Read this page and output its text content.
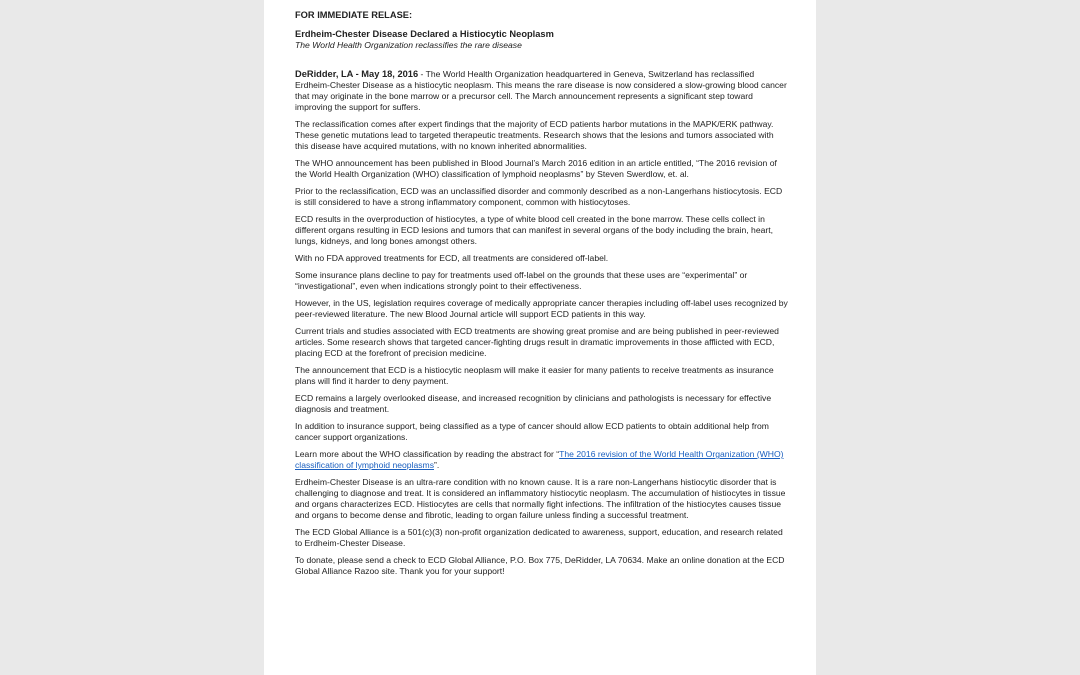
FOR IMMEDIATE RELASE:
Erdheim-Chester Disease Declared a Histiocytic Neoplasm
The World Health Organization reclassifies the rare disease

DeRidder, LA - May 18, 2016 - The World Health Organization headquartered in Geneva, Switzerland has reclassified Erdheim-Chester Disease as a histiocytic neoplasm. This means the rare disease is now considered a slow-growing blood cancer that may originate in the bone marrow or a precursor cell. The March announcement represents a significant step toward improving the support for suffers.

The reclassification comes after expert findings that the majority of ECD patients harbor mutations in the MAPK/ERK pathway. These genetic mutations lead to targeted therapeutic treatments. Research shows that the lesions and tumors associated with this disease have acquired mutations, with no known inherited abnormalities.

The WHO announcement has been published in Blood Journal’s March 2016 edition in an article entitled, “The 2016 revision of the World Health Organization (WHO) classification of lymphoid neoplasms” by Steven Swerdlow, et. al.

Prior to the reclassification, ECD was an unclassified disorder and commonly described as a non-Langerhans histiocytosis. ECD is still considered to have a strong inflammatory component, common with histiocytoses.

ECD results in the overproduction of histiocytes, a type of white blood cell created in the bone marrow. These cells collect in different organs resulting in ECD lesions and tumors that can manifest in several organs of the body including the brain, heart, lungs, kidneys, and long bones amongst others.

With no FDA approved treatments for ECD, all treatments are considered off-label.

Some insurance plans decline to pay for treatments used off-label on the grounds that these uses are “experimental” or “investigational”, even when indications strongly point to their effectiveness.

However, in the US, legislation requires coverage of medically appropriate cancer therapies including off-label uses recognized by peer-reviewed literature. The new Blood Journal article will support ECD patients in this way.

Current trials and studies associated with ECD treatments are showing great promise and are being published in peer-reviewed articles. Some research shows that targeted cancer-fighting drugs result in dramatic improvements in those afflicted with ECD, placing ECD at the forefront of precision medicine.

The announcement that ECD is a histiocytic neoplasm will make it easier for many patients to receive treatments as insurance plans will find it harder to deny payment.

ECD remains a largely overlooked disease, and increased recognition by clinicians and pathologists is necessary for effective diagnosis and treatment.

In addition to insurance support, being classified as a type of cancer should allow ECD patients to obtain additional help from cancer support organizations.

Learn more about the WHO classification by reading the abstract for “The 2016 revision of the World Health Organization (WHO) classification of lymphoid neoplasms”.

Erdheim-Chester Disease is an ultra-rare condition with no known cause. It is a rare non-Langerhans histiocytic disorder that is challenging to diagnose and treat. It is considered an inflammatory histiocytic neoplasm. The accumulation of histiocytes in tissue and organs characterizes ECD. Histiocytes are cells that normally fight infections. The infiltration of the histiocytes causes tissue and organs to become dense and fibrotic, leading to organ failure unless finding a successful treatment.

The ECD Global Alliance is a 501(c)(3) non-profit organization dedicated to awareness, support, education, and research related to Erdheim-Chester Disease.

To donate, please send a check to ECD Global Alliance, P.O. Box 775, DeRidder, LA 70634. Make an online donation at the ECD Global Alliance Razoo site. Thank you for your support!
